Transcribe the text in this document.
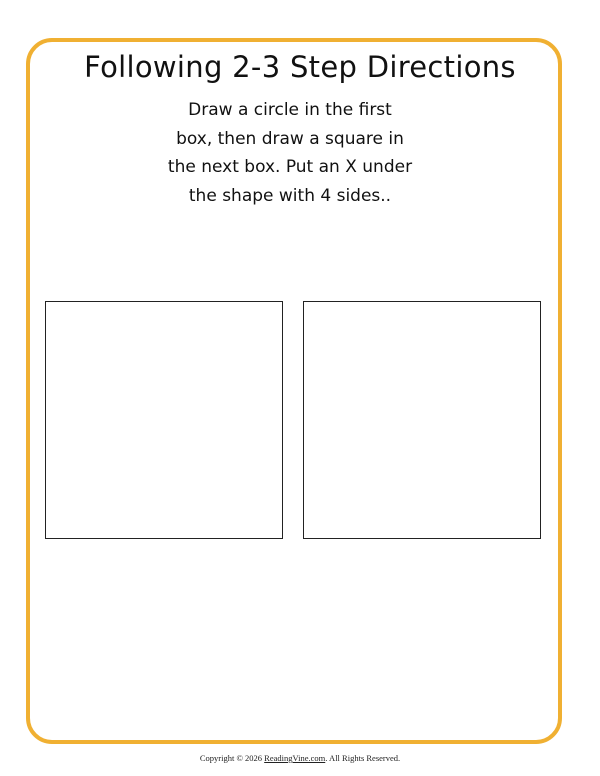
Following 2-3 Step Directions
Draw a circle in the first
box, then draw a square in
the next box. Put an X under
the shape with 4 sides..
Copyright © 2026 ReadingVine.com. All Rights Reserved.
